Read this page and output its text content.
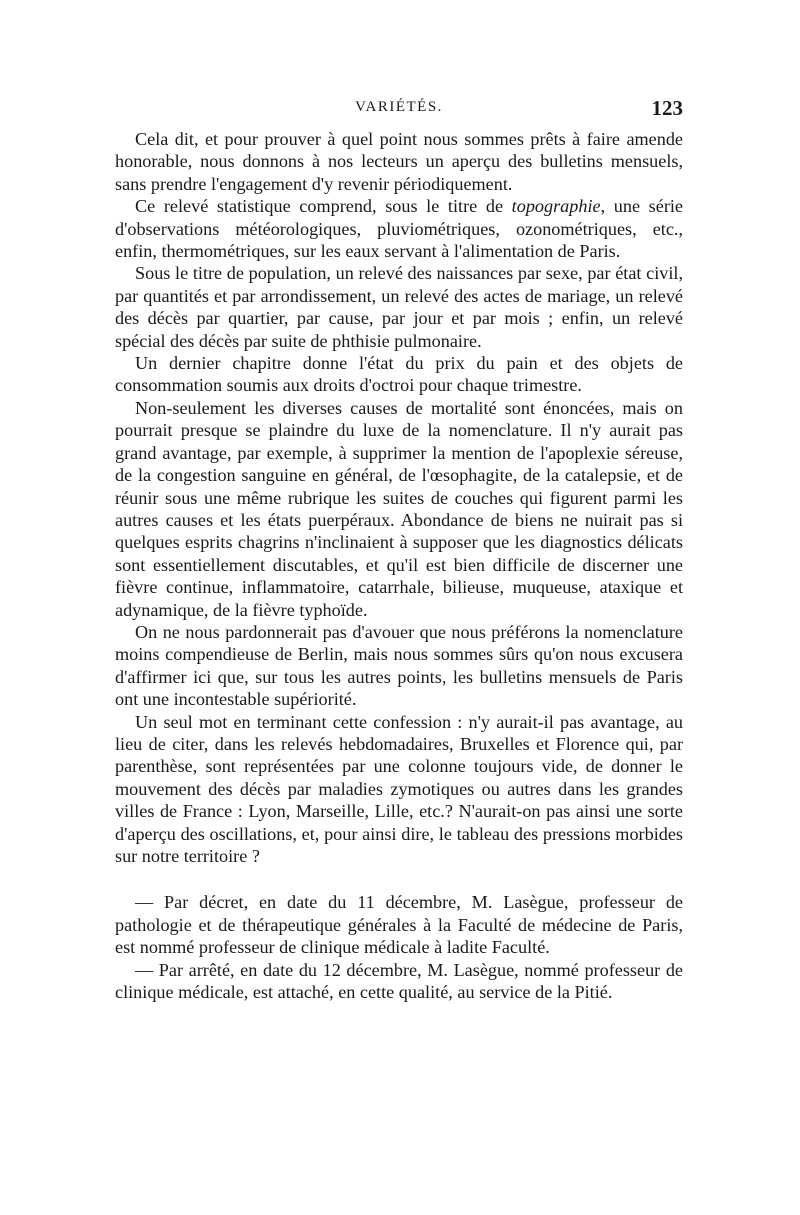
VARIÉTÉS.	123

Cela dit, et pour prouver à quel point nous sommes prêts à faire amende honorable, nous donnons à nos lecteurs un aperçu des bulletins mensuels, sans prendre l'engagement d'y revenir périodiquement.

Ce relevé statistique comprend, sous le titre de topographie, une série d'observations météorologiques, pluviométriques, ozonométriques, etc., enfin, thermométriques, sur les eaux servant à l'alimentation de Paris.

Sous le titre de population, un relevé des naissances par sexe, par état civil, par quantités et par arrondissement, un relevé des actes de mariage, un relevé des décès par quartier, par cause, par jour et par mois ; enfin, un relevé spécial des décès par suite de phthisie pulmonaire.

Un dernier chapitre donne l'état du prix du pain et des objets de consommation soumis aux droits d'octroi pour chaque trimestre.

Non-seulement les diverses causes de mortalité sont énoncées, mais on pourrait presque se plaindre du luxe de la nomenclature. Il n'y aurait pas grand avantage, par exemple, à supprimer la mention de l'apoplexie séreuse, de la congestion sanguine en général, de l'œsophagite, de la catalepsie, et de réunir sous une même rubrique les suites de couches qui figurent parmi les autres causes et les états puerpéraux. Abondance de biens ne nuirait pas si quelques esprits chagrins n'inclinaient à supposer que les diagnostics délicats sont essentiellement discutables, et qu'il est bien difficile de discerner une fièvre continue, inflammatoire, catarrhale, bilieuse, muqueuse, ataxique et adynamique, de la fièvre typhoïde.

On ne nous pardonnerait pas d'avouer que nous préférons la nomenclature moins compendieuse de Berlin, mais nous sommes sûrs qu'on nous excusera d'affirmer ici que, sur tous les autres points, les bulletins mensuels de Paris ont une incontestable supériorité.

Un seul mot en terminant cette confession : n'y aurait-il pas avantage, au lieu de citer, dans les relevés hebdomadaires, Bruxelles et Florence qui, par parenthèse, sont représentées par une colonne toujours vide, de donner le mouvement des décès par maladies zymotiques ou autres dans les grandes villes de France : Lyon, Marseille, Lille, etc.? N'aurait-on pas ainsi une sorte d'aperçu des oscillations, et, pour ainsi dire, le tableau des pressions morbides sur notre territoire ?

— Par décret, en date du 11 décembre, M. Lasègue, professeur de pathologie et de thérapeutique générales à la Faculté de médecine de Paris, est nommé professeur de clinique médicale à ladite Faculté.

— Par arrêté, en date du 12 décembre, M. Lasègue, nommé professeur de clinique médicale, est attaché, en cette qualité, au service de la Pitié.
